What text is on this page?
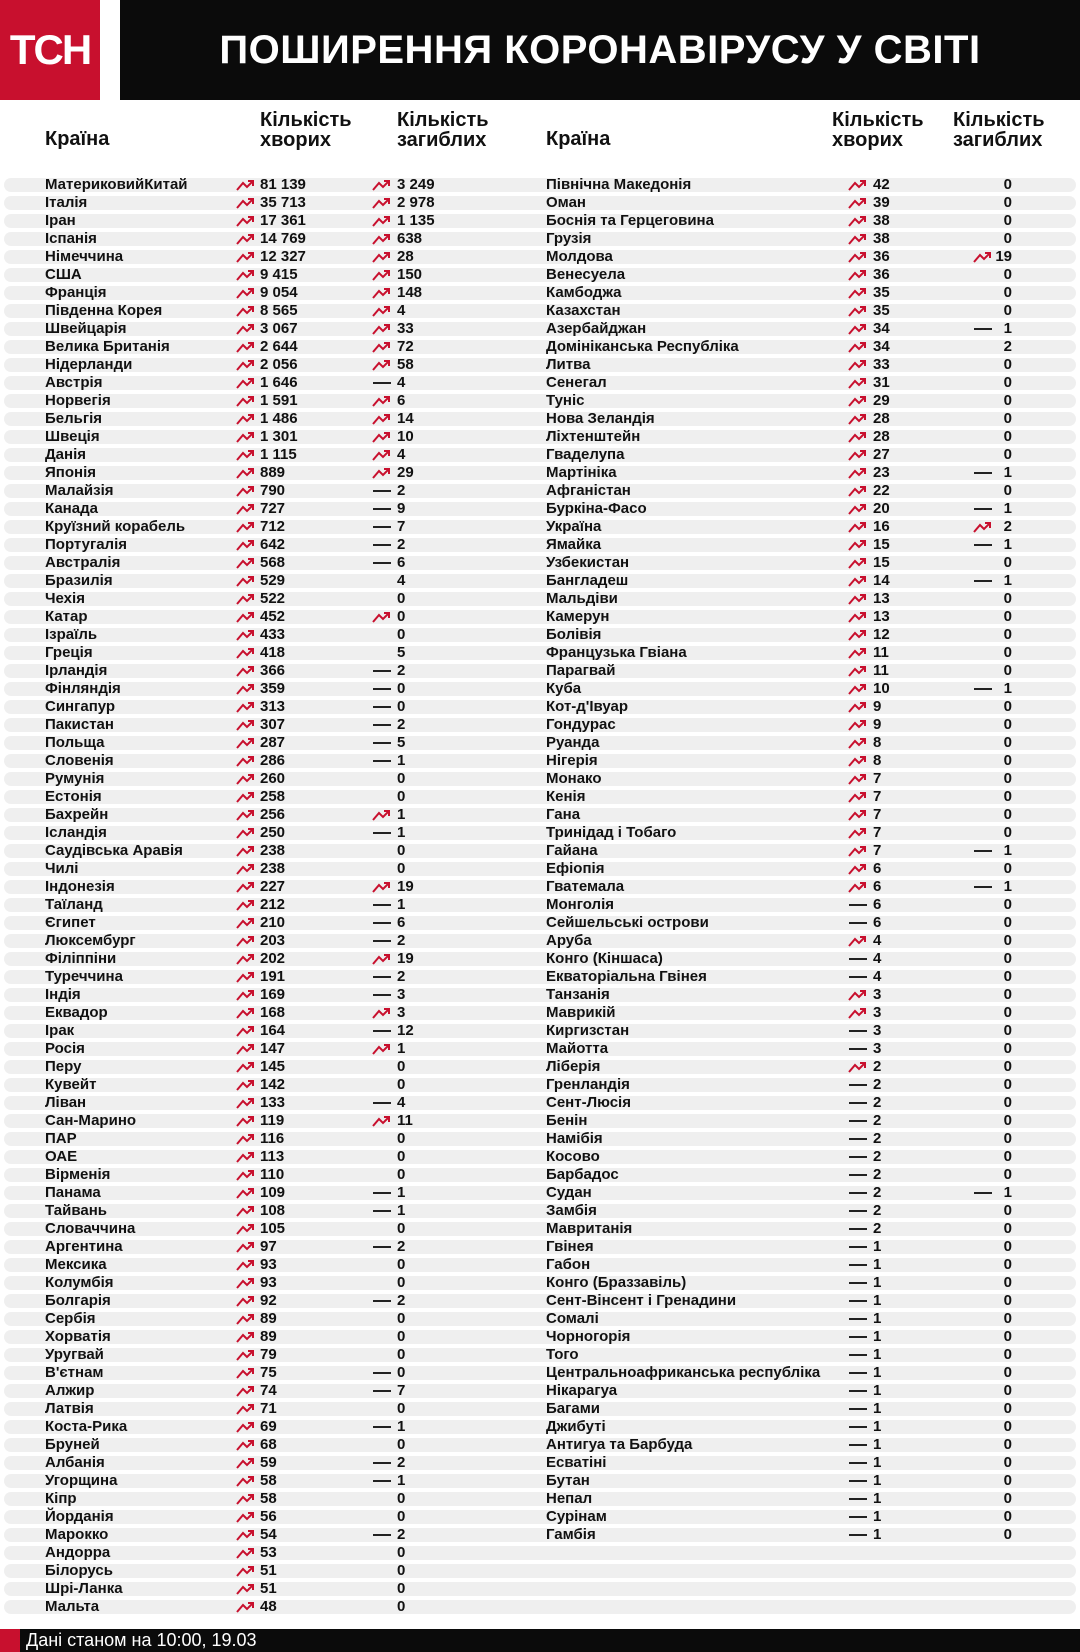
ТСН	ПОШИРЕННЯ КОРОНАВІРУСУ У СВІТІ
Країна
Кількість хворих
Кількість загиблих	Країна
Кількість хворих
Кількість загиблих
МатериковийКитай	81 139	3 249	Північна Македонія	42	0
Італія	35 713	2 978	Оман	39	0
Іран	17 361	1 135	Боснія та Герцеговина	38	0
Іспанія	14 769	638	Грузія	38	0
Німеччина	12 327	28	Молдова	36	19
США	9 415	150	Венесуела	36	0
Франція	9 054	148	Камбоджа	35	0
Південна Корея	8 565	4	Казахстан	35	0
Швейцарія	3 067	33	Азербайджан	34	1
Велика Британія	2 644	72	Домініканська Республіка	34	2
Нідерланди	2 056	58	Литва	33	0
Австрія	1 646	4	Сенегал	31	0
Норвегія	1 591	6	Туніс	29	0
Бельгія	1 486	14	Нова Зеландія	28	0
Швеція	1 301	10	Ліхтенштейн	28	0
Данія	1 115	4	Гваделупа	27	0
Японія	889	29	Мартініка	23	1
Малайзія	790	2	Афганістан	22	0
Канада	727	9	Буркіна-Фасо	20	1
Круїзний корабель	712	7	Україна	16	2
Португалія	642	2	Ямайка	15	1
Австралія	568	6	Узбекистан	15	0
Бразилія	529	4	Бангладеш	14	1
Чехія	522	0	Мальдіви	13	0
Катар	452	0	Камерун	13	0
Ізраїль	433	0	Болівія	12	0
Греція	418	5	Французька Гвіана	11	0
Ірландія	366	2	Парагвай	11	0
Фінляндія	359	0	Куба	10	1
Сингапур	313	0	Кот-д'Івуар	9	0
Пакистан	307	2	Гондурас	9	0
Польща	287	5	Руанда	8	0
Словенія	286	1	Нігерія	8	0
Румунія	260	0	Монако	7	0
Естонія	258	0	Кенія	7	0
Бахрейн	256	1	Гана	7	0
Ісландія	250	1	Тринідад і Тобаго	7	0
Саудівська Аравія	238	0	Гайана	7	1
Чилі	238	0	Ефіопія	6	0
Індонезія	227	19	Гватемала	6	1
Таїланд	212	1	Монголія	6	0
Єгипет	210	6	Сейшельські острови	6	0
Люксембург	203	2	Аруба	4	0
Філіппіни	202	19	Конго (Кіншаса)	4	0
Туреччина	191	2	Екваторіальна Гвінея	4	0
Індія	169	3	Танзанія	3	0
Еквадор	168	3	Маврикій	3	0
Ірак	164	12	Киргизстан	3	0
Росія	147	1	Майотта	3	0
Перу	145	0	Ліберія	2	0
Кувейт	142	0	Гренландія	2	0
Ліван	133	4	Сент-Люсія	2	0
Сан-Марино	119	11	Бенін	2	0
ПАР	116	0	Намібія	2	0
ОАЕ	113	0	Косово	2	0
Вірменія	110	0	Барбадос	2	0
Панама	109	1	Судан	2	1
Тайвань	108	1	Замбія	2	0
Словаччина	105	0	Мавританія	2	0
Аргентина	97	2	Гвінея	1	0
Мексика	93	0	Габон	1	0
Колумбія	93	0	Конго (Браззавіль)	1	0
Болгарія	92	2	Сент-Вінсент і Гренадини	1	0
Сербія	89	0	Сомалі	1	0
Хорватія	89	0	Чорногорія	1	0
Уругвай	79	0	Того	1	0
В'єтнам	75	0	Центральноафриканська республіка	1	0
Алжир	74	7	Нікарагуа	1	0
Латвія	71	0	Багами	1	0
Коста-Рика	69	1	Джибуті	1	0
Бруней	68	0	Антигуа та Барбуда	1	0
Албанія	59	2	Есватіні	1	0
Угорщина	58	1	Бутан	1	0
Кіпр	58	0	Непал	1	0
Йорданія	56	0	Сурінам	1	0
Марокко	54	2	Гамбія	1	0
Андорра	53	0
Білорусь	51	0
Шрі-Ланка	51	0
Мальта	48	0
Дані станом на 10:00, 19.03
